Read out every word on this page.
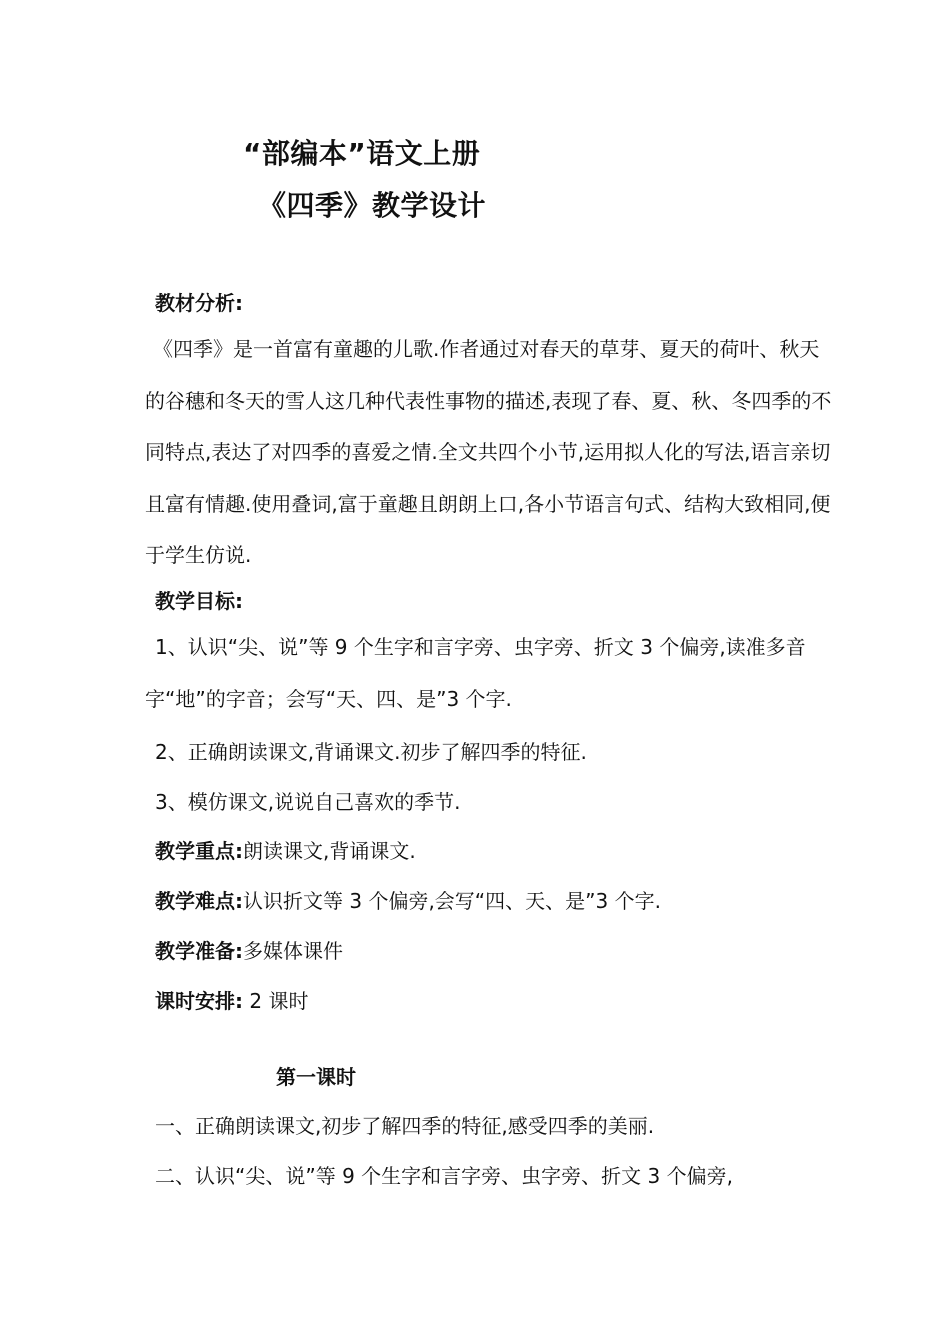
“部编本”语文上册
《四季》教学设计
教材分析:
《四季》是一首富有童趣的儿歌.作者通过对春天的草芽、夏天的荷叶、秋天的谷穗和冬天的雪人这几种代表性事物的描述,表现了春、夏、秋、冬四季的不同特点,表达了对四季的喜爱之情.全文共四个小节,运用拟人化的写法,语言亲切且富有情趣.使用叠词,富于童趣且朗朗上口,各小节语言句式、结构大致相同,便于学生仿说.
教学目标:
1、认识“尖、说”等 9 个生字和言字旁、虫字旁、折文 3 个偏旁,读准多音字“地”的字音；会写“天、四、是”3 个字.
2、正确朗读课文,背诵课文.初步了解四季的特征.
3、模仿课文,说说自己喜欢的季节.
教学重点:朗读课文,背诵课文.
教学难点:认识折文等 3 个偏旁,会写“四、天、是”3 个字.
教学准备:多媒体课件
课时安排: 2 课时
第一课时
一、正确朗读课文,初步了解四季的特征,感受四季的美丽.
二、认识“尖、说”等 9 个生字和言字旁、虫字旁、折文 3 个偏旁,
